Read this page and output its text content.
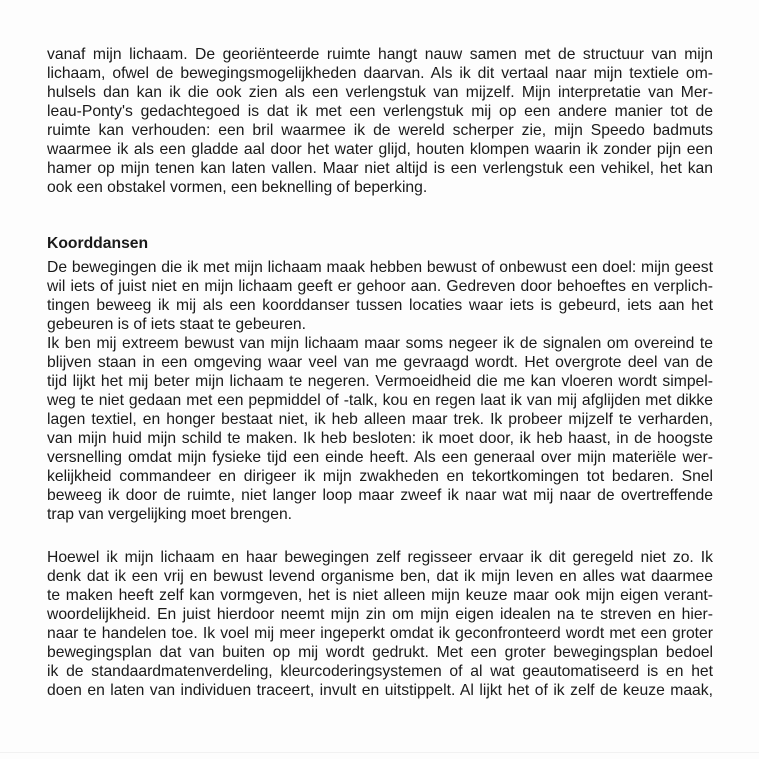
vanaf mijn lichaam. De georiënteerde ruimte hangt nauw samen met de structuur van mijn
lichaam, ofwel de bewegingsmogelijkheden daarvan. Als ik dit vertaal naar mijn textiele om-
hulsels dan kan ik die ook zien als een verlengstuk van mijzelf. Mijn interpretatie van Mer-
leau-Ponty's gedachtegoed is dat ik met een verlengstuk mij op een andere manier tot de
ruimte kan verhouden: een bril waarmee ik de wereld scherper zie, mijn Speedo badmuts
waarmee ik als een gladde aal door het water glijd, houten klompen waarin ik zonder pijn een
hamer op mijn tenen kan laten vallen. Maar niet altijd is een verlengstuk een vehikel, het kan
ook een obstakel vormen, een beknelling of beperking.
Koorddansen
De bewegingen die ik met mijn lichaam maak hebben bewust of onbewust een doel: mijn geest
wil iets of juist niet en mijn lichaam geeft er gehoor aan. Gedreven door behoeftes en verplich-
tingen beweeg ik mij als een koorddanser tussen locaties waar iets is gebeurd, iets aan het
gebeuren is of iets staat te gebeuren.
Ik ben mij extreem bewust van mijn lichaam maar soms negeer ik de signalen om overeind te
blijven staan in een omgeving waar veel van me gevraagd wordt. Het overgrote deel van de
tijd lijkt het mij beter mijn lichaam te negeren. Vermoeidheid die me kan vloeren wordt simpel-
weg te niet gedaan met een pepmiddel of -talk, kou en regen laat ik van mij afglijden met dikke
lagen textiel, en honger bestaat niet, ik heb alleen maar trek. Ik probeer mijzelf te verharden,
van mijn huid mijn schild te maken. Ik heb besloten: ik moet door, ik heb haast, in de hoogste
versnelling omdat mijn fysieke tijd een einde heeft. Als een generaal over mijn materiële wer-
kelijkheid commandeer en dirigeer ik mijn zwakheden en tekortkomingen tot bedaren. Snel
beweeg ik door de ruimte, niet langer loop maar zweef ik naar wat mij naar de overtreffende
trap van vergelijking moet brengen.
Hoewel ik mijn lichaam en haar bewegingen zelf regisseer ervaar ik dit geregeld niet zo. Ik
denk dat ik een vrij en bewust levend organisme ben, dat ik mijn leven en alles wat daarmee
te maken heeft zelf kan vormgeven, het is niet alleen mijn keuze maar ook mijn eigen verant-
woordelijkheid. En juist hierdoor neemt mijn zin om mijn eigen idealen na te streven en hier-
naar te handelen toe. Ik voel mij meer ingeperkt omdat ik geconfronteerd wordt met een groter
bewegingsplan dat van buiten op mij wordt gedrukt. Met een groter bewegingsplan bedoel
ik de standaardmatenverdeling, kleurcoderingsystemen of al wat geautomatiseerd is en het
doen en laten van individuen traceert, invult en uitstippelt. Al lijkt het of ik zelf de keuze maak,
